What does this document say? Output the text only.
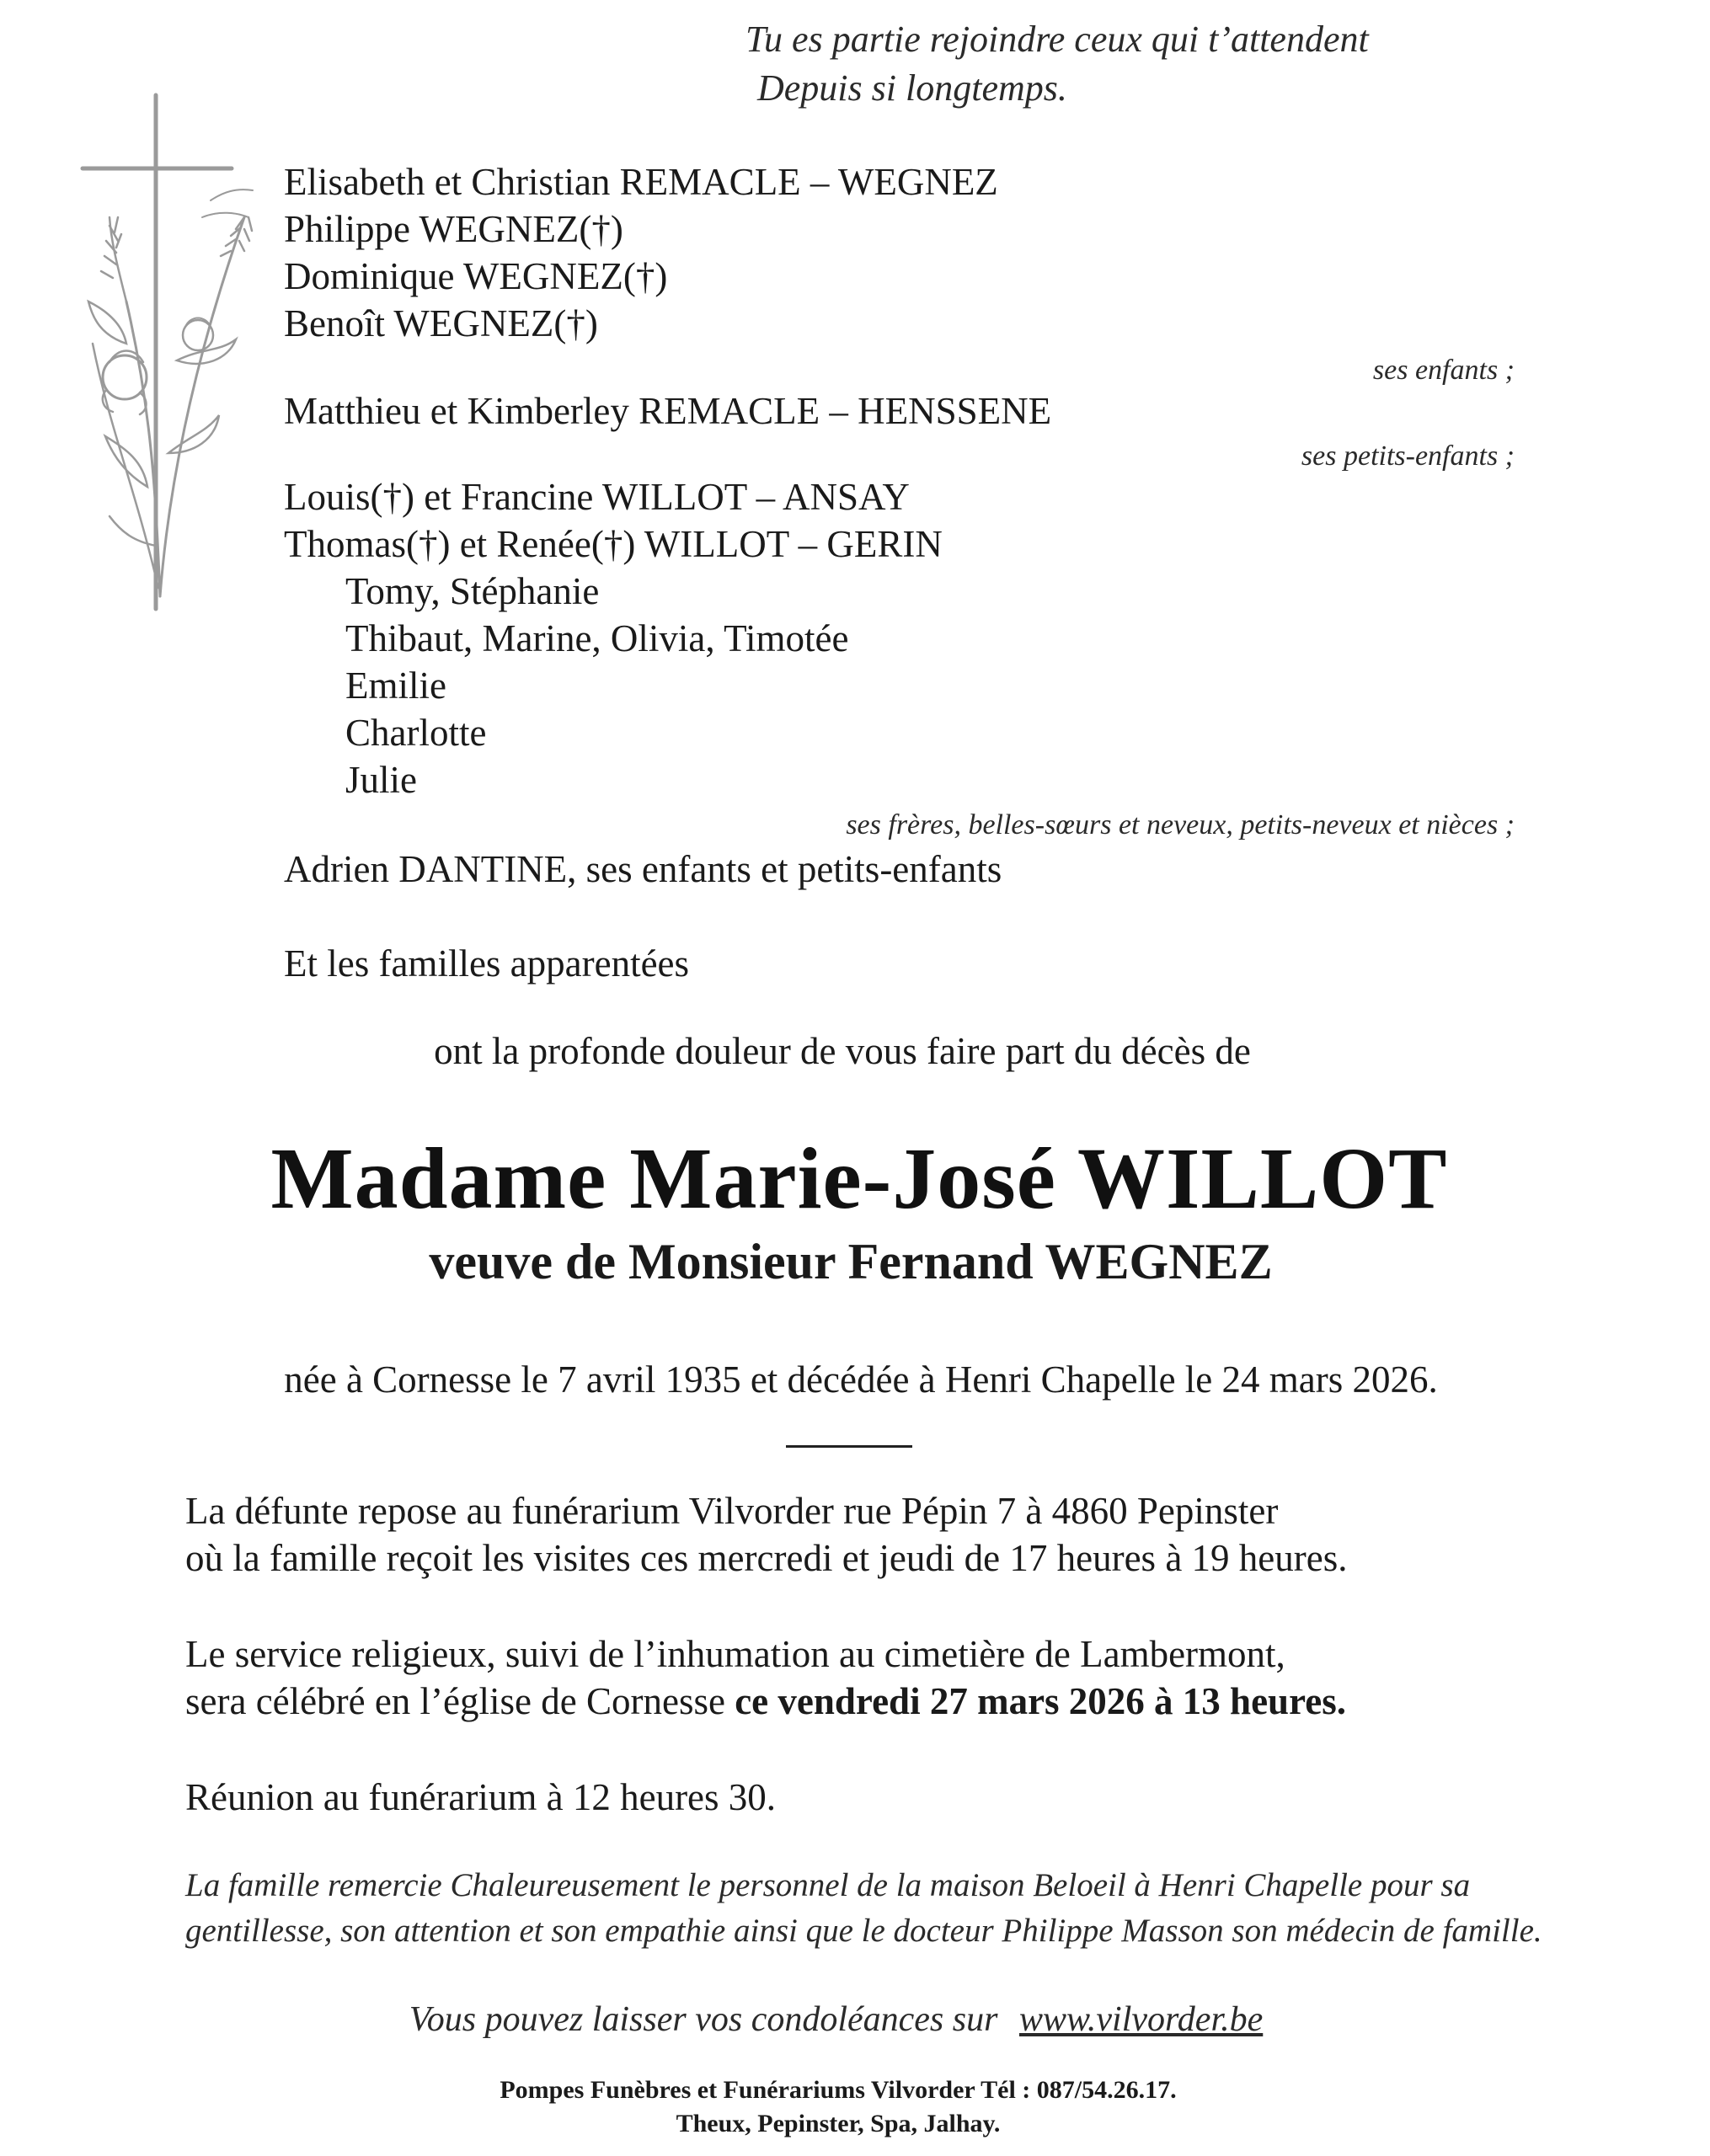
Tu es partie rejoindre ceux qui t’attendent
Depuis si longtemps.
Elisabeth et Christian REMACLE – WEGNEZ
Philippe WEGNEZ(†)
Dominique WEGNEZ(†)
Benoît WEGNEZ(†)
ses enfants ;
Matthieu et Kimberley REMACLE – HENSSENE
ses petits-enfants ;
Louis(†) et Francine WILLOT – ANSAY
Thomas(†) et Renée(†) WILLOT – GERIN
Tomy, Stéphanie
Thibaut, Marine, Olivia, Timotée
Emilie
Charlotte
Julie
ses frères, belles-sœurs et neveux, petits-neveux et nièces ;
Adrien DANTINE, ses enfants et petits-enfants
Et les familles apparentées
ont la profonde douleur de vous faire part du décès de
Madame Marie-José WILLOT
veuve de Monsieur Fernand WEGNEZ
née à Cornesse le 7 avril 1935 et décédée à Henri Chapelle le 24 mars 2026.
La défunte repose au funérarium Vilvorder rue Pépin 7 à 4860 Pepinster
où la famille reçoit les visites ces mercredi et jeudi de 17 heures à 19 heures.
Le service religieux, suivi de l’inhumation au cimetière de Lambermont,
sera célébré en l’église de Cornesse ce vendredi 27 mars 2026 à 13 heures.
Réunion au funérarium à 12 heures 30.
La famille remercie Chaleureusement le personnel de la maison Beloeil à Henri Chapelle pour sa
gentillesse, son attention et son empathie ainsi que le docteur Philippe Masson son médecin de famille.
Vous pouvez laisser vos condoléances sur www.vilvorder.be
Pompes Funèbres et Funérariums Vilvorder Tél : 087/54.26.17.
Theux, Pepinster, Spa, Jalhay.
